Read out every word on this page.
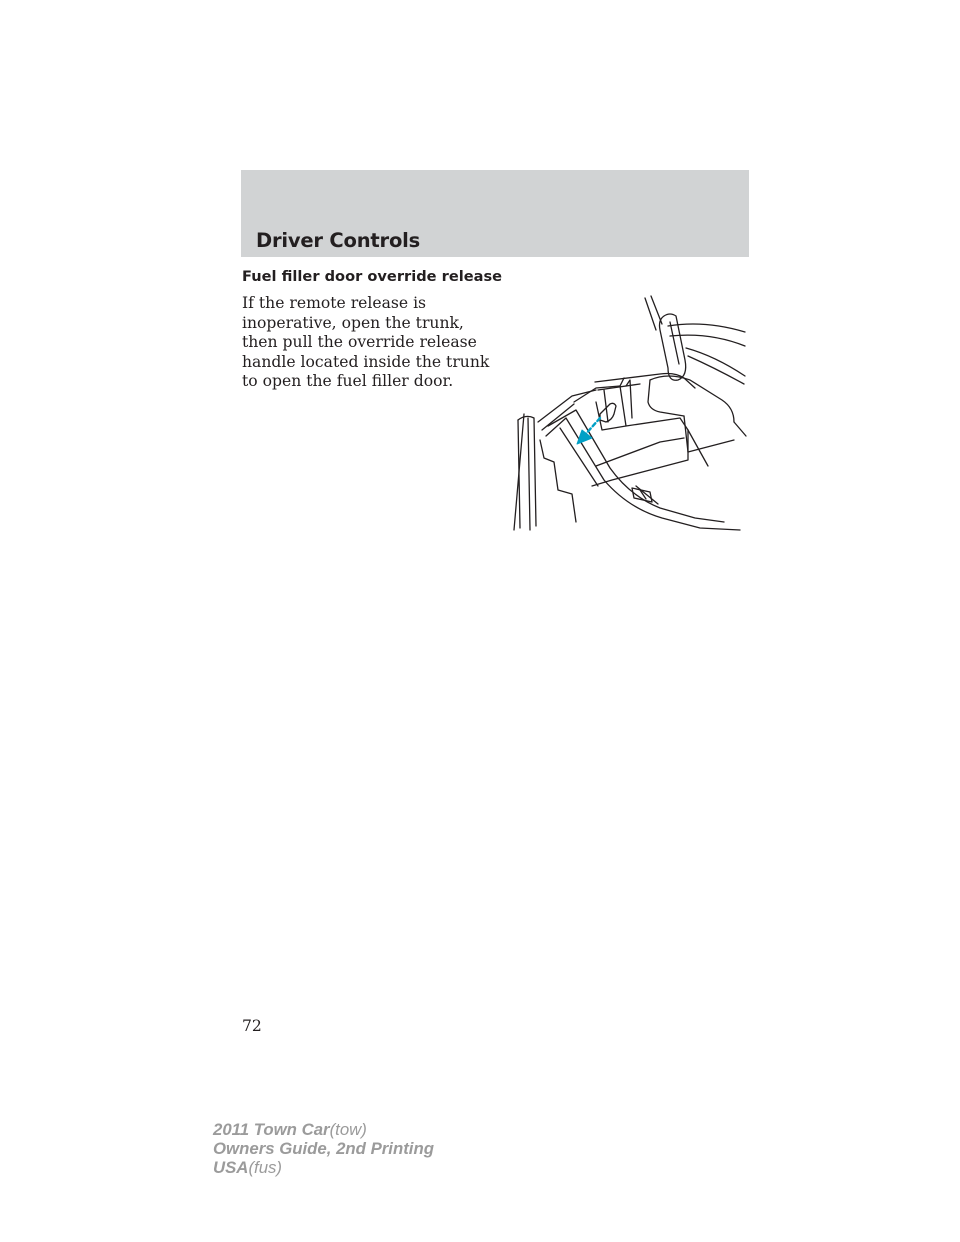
Driver Controls
Fuel filler door override release

If the remote release is inoperative, open the trunk, then pull the override release handle located inside the trunk to open the fuel filler door.

72

2011 Town Car(tow)
Owners Guide, 2nd Printing
USA(fus)
